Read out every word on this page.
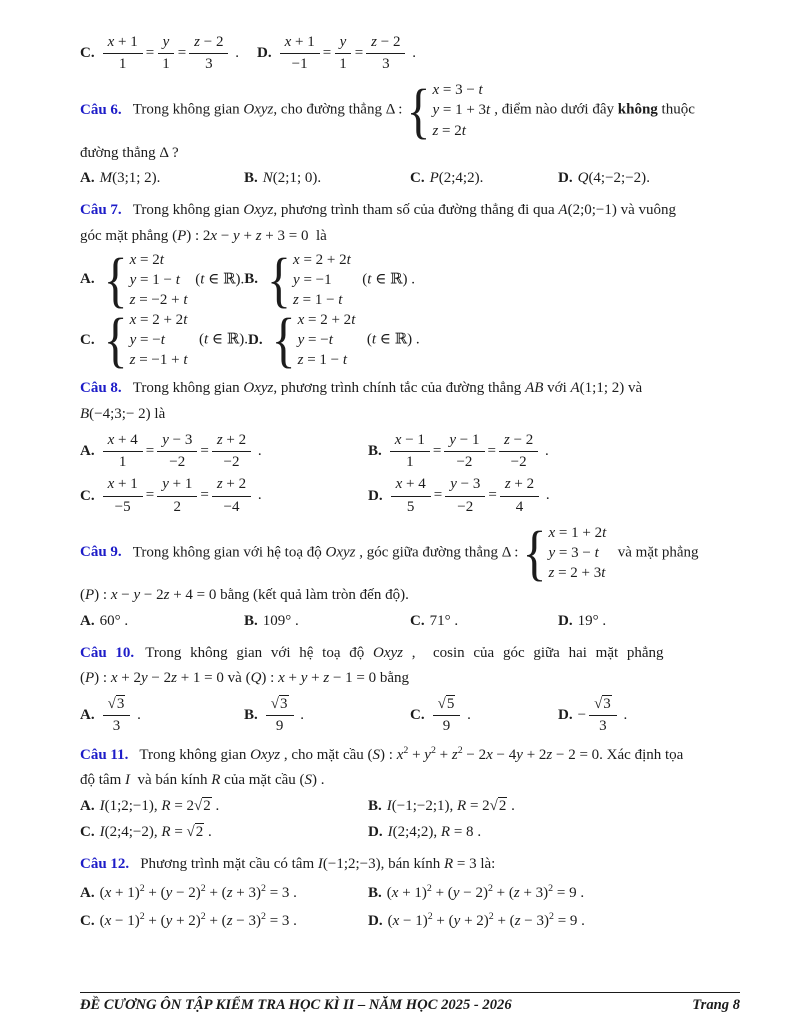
C. $\frac{x + 1}{1} = \frac{y}{1} = \frac{z - 2}{3}$ . D. $\frac{x + 1}{-1} = \frac{y}{1} = \frac{z - 2}{3}$ .
Câu 6. Trong không gian Oxyz, cho đường thẳng Δ : { x = 3 − t
y = 1 + 3t
z = 2t
, điểm nào dưới đây không thuộc
đường thẳng Δ ?
A. M(3;1; 2).	B. N(2;1; 0).	C. P(2;4;2).	D. Q(4;−2;−2).
Câu 7. Trong không gian Oxyz, phương trình tham số của đường thẳng đi qua A(2;0;−1) và vuông
góc mặt phẳng (P) : 2x − y + z + 3 = 0  là
A. { x = 2t
y = 1 − t
z = −2 + t
(t ∈ ℝ).B. { x = 2 + 2t
y = −1
z = 1 − t
(t ∈ ℝ) .
C. { x = 2 + 2t
y = −t
z = −1 + t
(t ∈ ℝ).D. { x = 2 + 2t
y = −t
z = 1 − t
(t ∈ ℝ) .
Câu 8. Trong không gian Oxyz, phương trình chính tắc của đường thẳng AB với A(1;1; 2) và
B(−4;3;− 2) là
A. $\frac{x + 4}{1} = \frac{y - 3}{-2} = \frac{z + 2}{-2}$ .	B. $\frac{x - 1}{1} = \frac{y - 1}{-2} = \frac{z - 2}{-2}$ .
C. $\frac{x + 1}{-5} = \frac{y + 1}{2} = \frac{z + 2}{-4}$ .	D. $\frac{x + 4}{5} = \frac{y - 3}{-2} = \frac{z + 2}{4}$ .
Câu 9. Trong không gian với hệ toạ độ Oxyz , góc giữa đường thẳng Δ : { x = 1 + 2t
y = 3 − t
z = 2 + 3t
và mặt phẳng
(P) : x − y − 2z + 4 = 0 bằng (kết quả làm tròn đến độ).
A. 60° .	B. 109° .	C. 71° .	D. 19° .
Câu 10. Trong không gian với hệ toạ độ Oxyz ,  cosin của góc giữa hai mặt phẳng
(P) : x + 2y − 2z + 1 = 0 và (Q) : x + y + z − 1 = 0 bằng
A. $\frac{√3}{3}$ .	B. $\frac{√3}{9}$ .	C. $\frac{√5}{9}$ .	D. − $\frac{√3}{3}$ .
Câu 11. Trong không gian Oxyz , cho mặt cầu (S) : $x^2 + y^2 + z^2 - 2x - 4y + 2z - 2 = 0$. Xác định tọa
độ tâm I  và bán kính R của mặt cầu (S) .
A. I(1;2;−1), R = 2√2 .	B. I(−1;−2;1), R = 2√2 .
C. I(2;4;−2), R = √2 .	D. I(2;4;2), R = 8 .
Câu 12. Phương trình mặt cầu có tâm I(−1;2;−3), bán kính R = 3 là:
A. $(x + 1)^2 + (y - 2)^2 + (z + 3)^2 = 3$ .	B. $(x + 1)^2 + (y - 2)^2 + (z + 3)^2 = 9$ .
C. $(x - 1)^2 + (y + 2)^2 + (z - 3)^2 = 3$ .	D. $(x - 1)^2 + (y + 2)^2 + (z - 3)^2 = 9$ .
ĐỀ CƯƠNG ÔN TẬP KIỂM TRA HỌC KÌ II – NĂM HỌC 2025 - 2026	Trang 8
